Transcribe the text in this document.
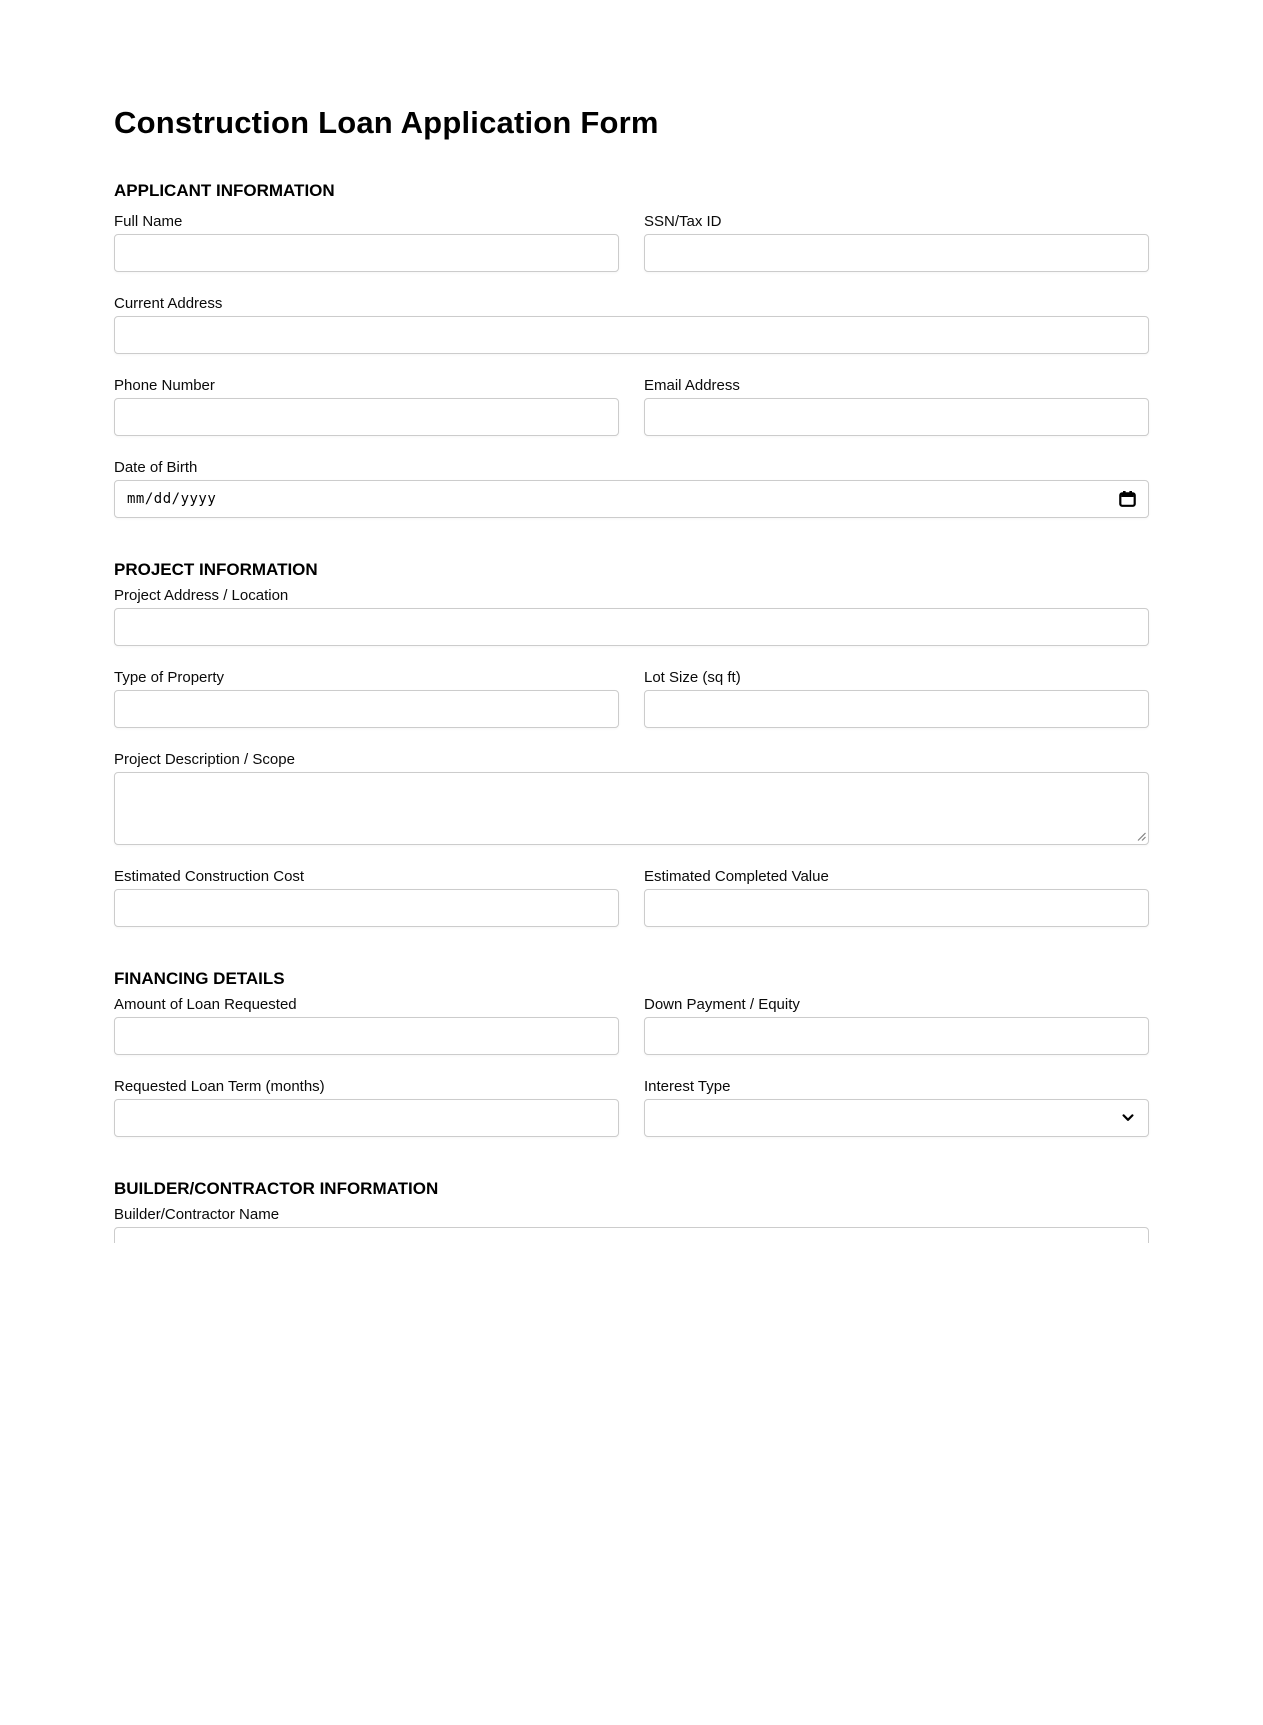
Construction Loan Application Form
APPLICANT INFORMATION
Full Name	SSN/Tax ID
Current Address
Phone Number	Email Address
Date of Birth
mm/dd/yyyy
PROJECT INFORMATION
Project Address / Location
Type of Property	Lot Size (sq ft)
Project Description / Scope
Estimated Construction Cost	Estimated Completed Value
FINANCING DETAILS
Amount of Loan Requested	Down Payment / Equity
Requested Loan Term (months)	Interest Type
BUILDER/CONTRACTOR INFORMATION
Builder/Contractor Name
